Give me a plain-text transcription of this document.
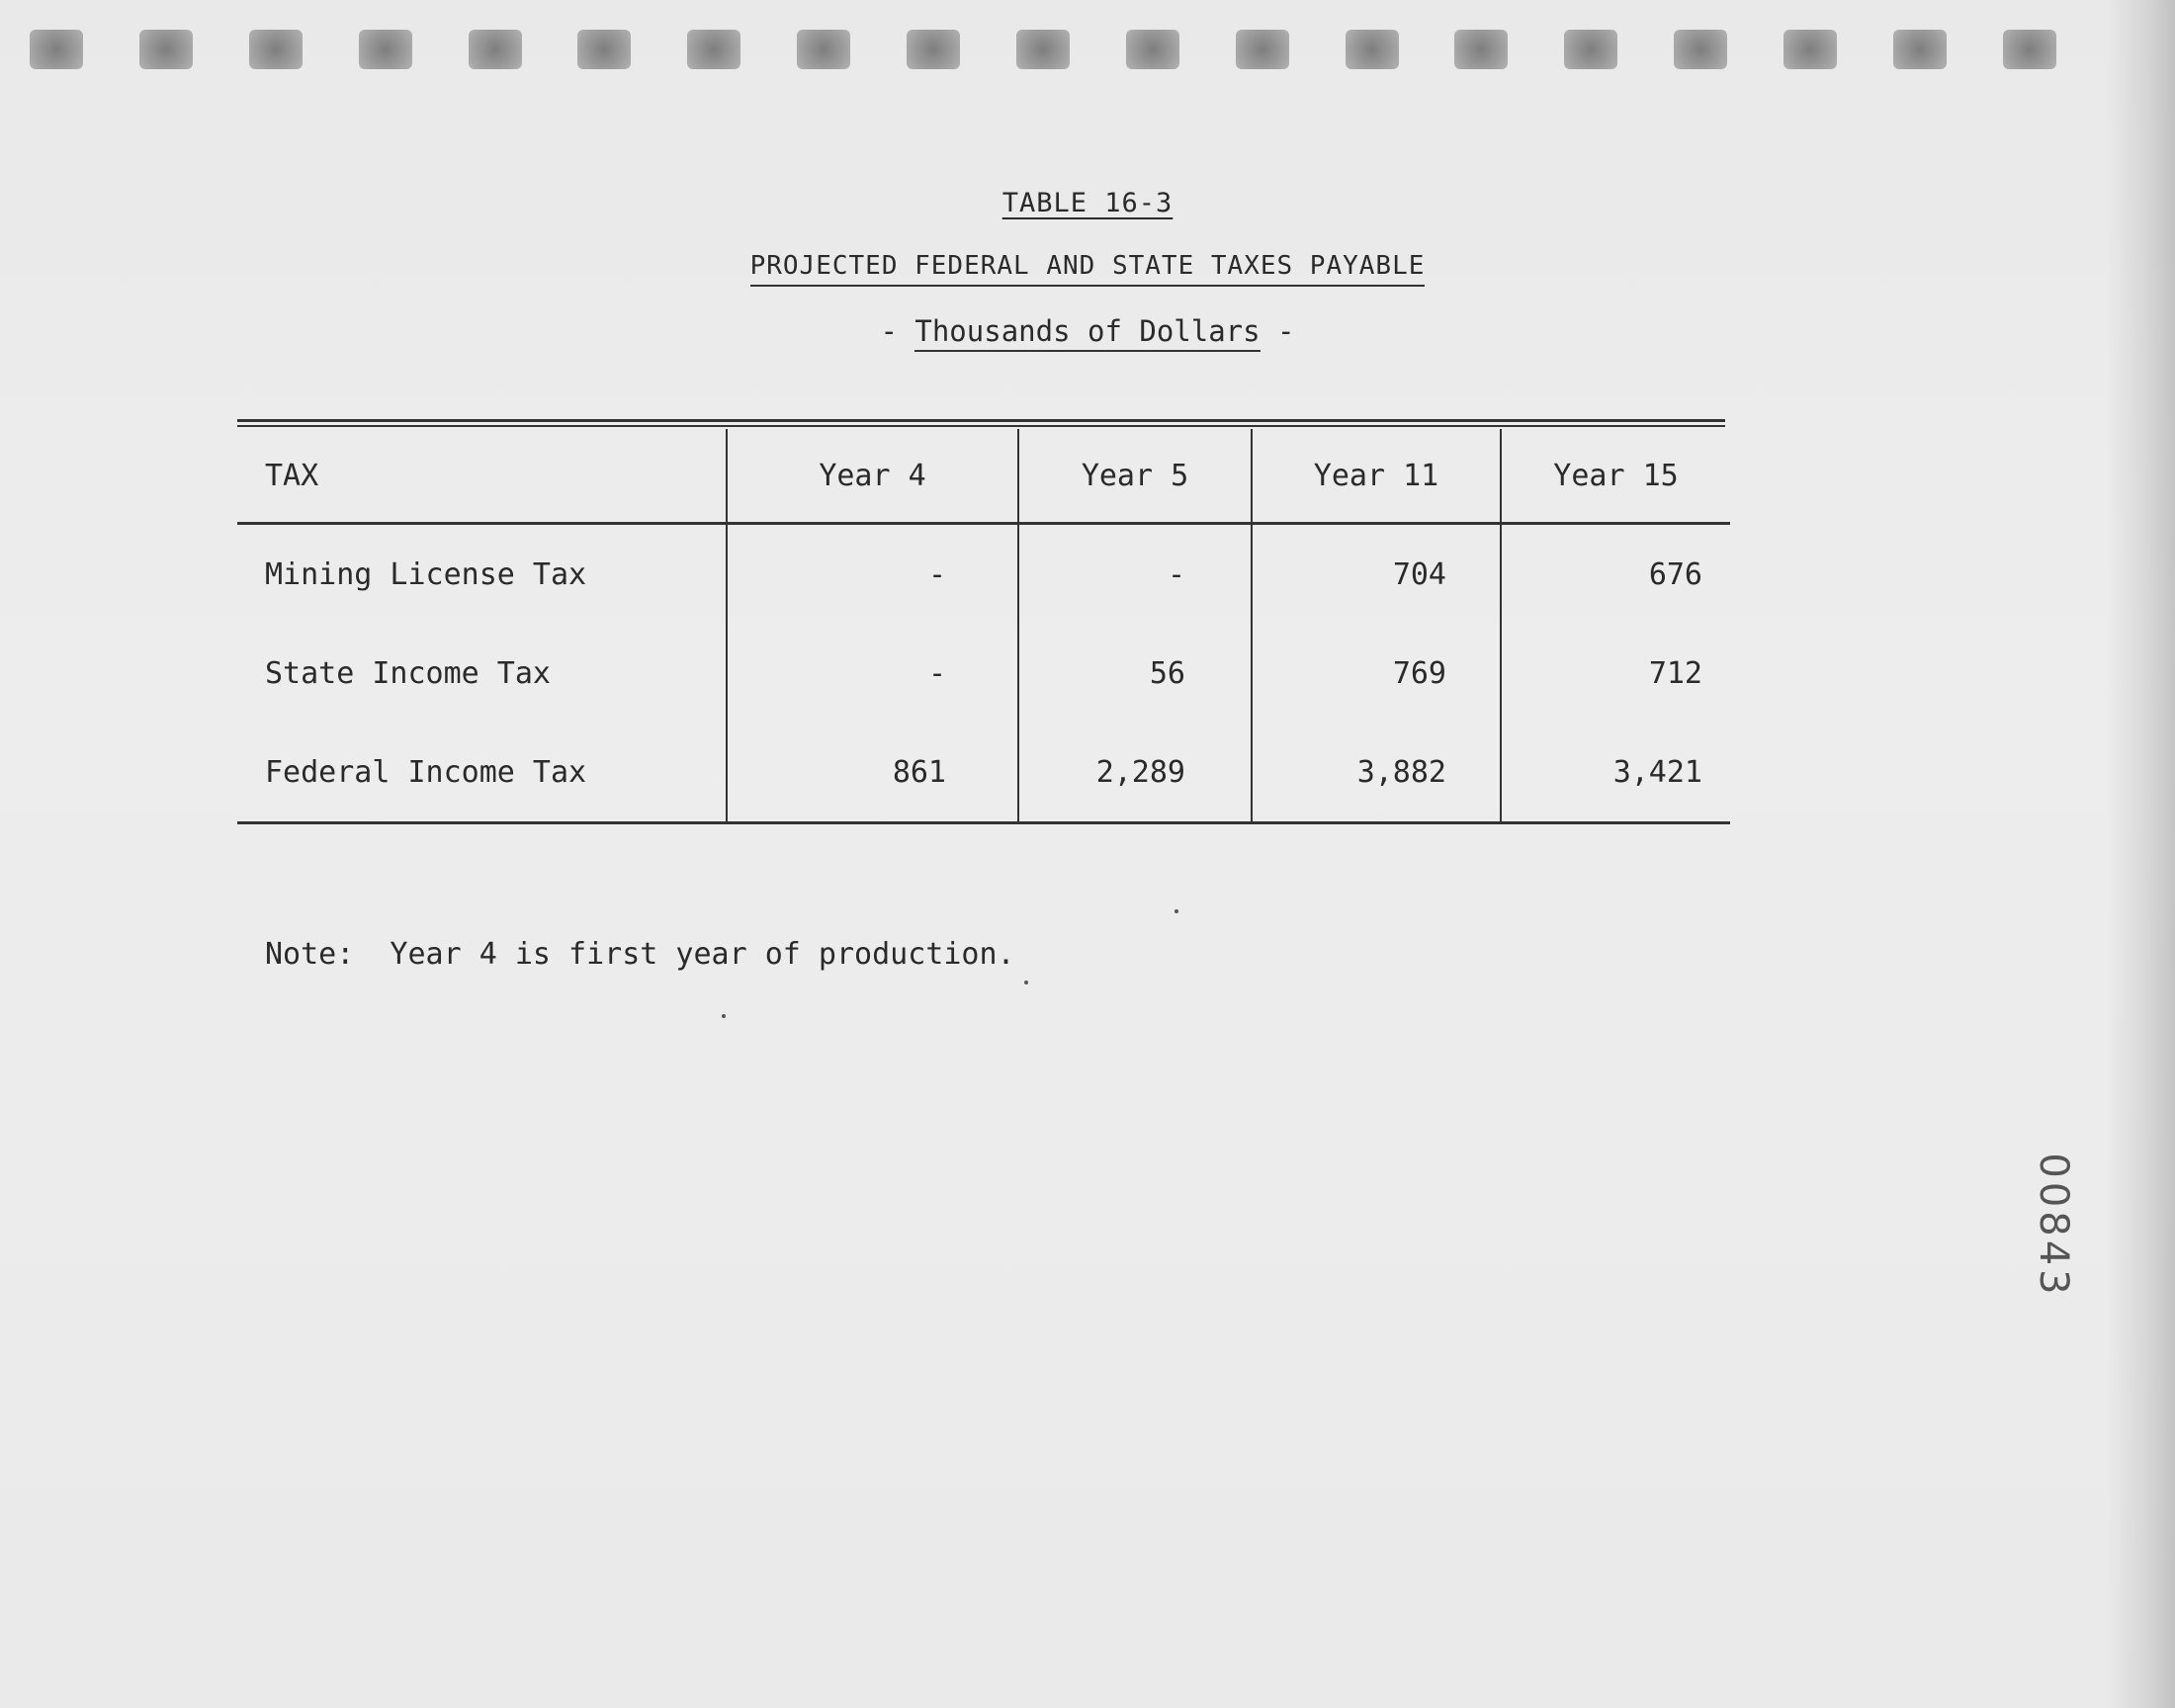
TABLE 16-3
PROJECTED FEDERAL AND STATE TAXES PAYABLE
- Thousands of Dollars -
TAX	Year 4	Year 5	Year 11	Year 15
Mining License Tax	-	-	704	676
State Income Tax	-	56	769	712
Federal Income Tax	861	2,289	3,882	3,421
Note:  Year 4 is first year of production.
00843
